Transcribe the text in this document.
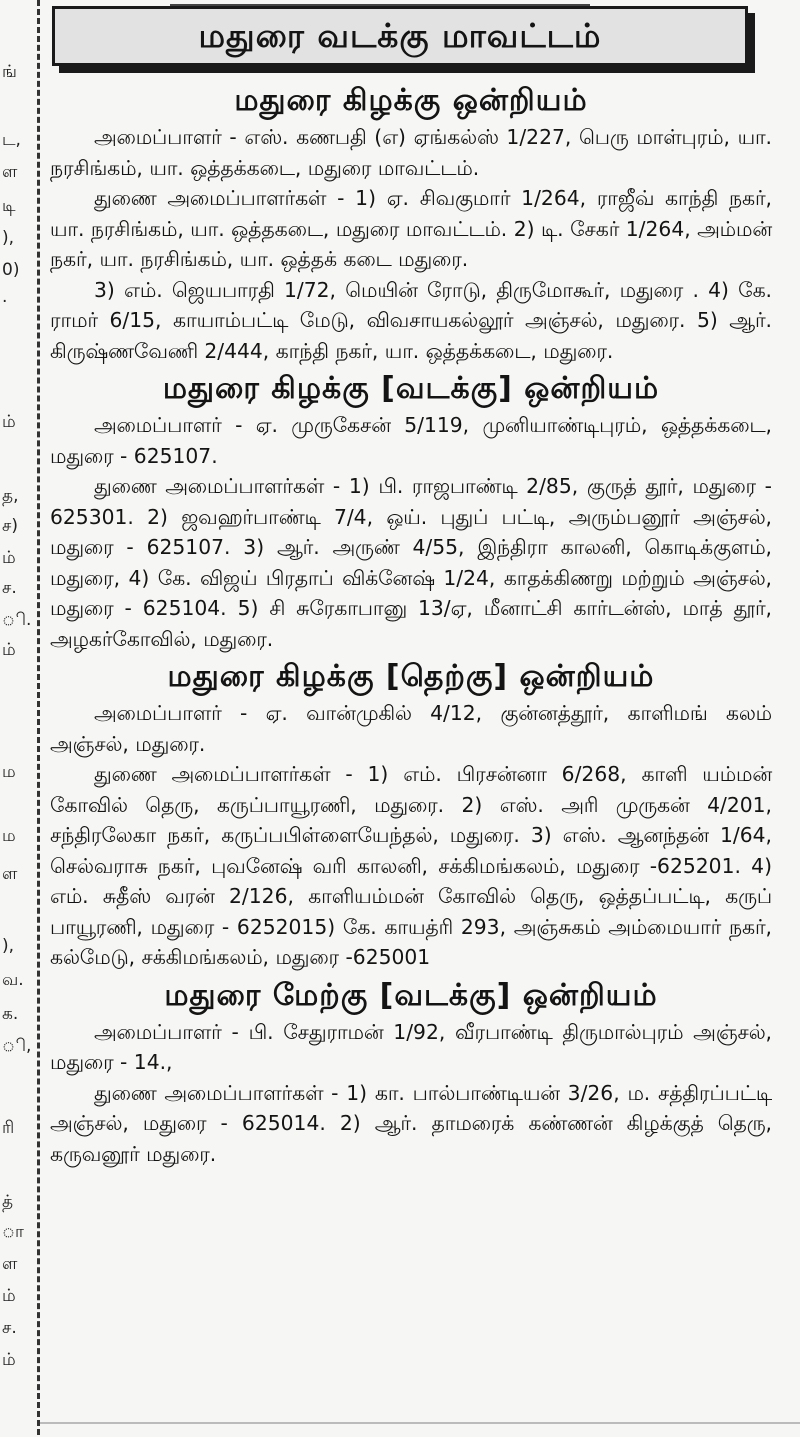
ங்
ட,
ள
டி
),
0)
·
ம்
த,
ச)
ம்
ச.
ி.
ம்
ம
ம
ள
),
வ.
க.
ி,
ரி
த்
ா
ள
ம்
ச.
ம்
மதுரை வடக்கு மாவட்டம்
மதுரை கிழக்கு ஒன்றியம்

அமைப்பாளர் - எஸ். கணபதி (எ) ஏங்கல்ஸ் 1/227, பெரு மாள்புரம், யா. நரசிங்கம், யா. ஒத்தக்கடை, மதுரை மாவட்டம்.

துணை அமைப்பாளர்கள் - 1) ஏ. சிவகுமார் 1/264, ராஜீவ் காந்தி நகர், யா. நரசிங்கம், யா. ஒத்தகடை, மதுரை மாவட்டம். 2) டி. சேகர் 1/264, அம்மன் நகர், யா. நரசிங்கம், யா. ஒத்தக் கடை மதுரை.

3) எம். ஜெயபாரதி 1/72, மெயின் ரோடு, திருமோகூர், மதுரை . 4) கே. ராமர் 6/15, காயாம்பட்டி மேடு, விவசாயகல்லூர் அஞ்சல், மதுரை. 5) ஆர். கிருஷ்ணவேணி 2/444, காந்தி நகர், யா. ஒத்தக்கடை, மதுரை.

மதுரை கிழக்கு [வடக்கு] ஒன்றியம்

அமைப்பாளர் - ஏ. முருகேசன் 5/119, முனியாண்டிபுரம், ஒத்தக்கடை, மதுரை - 625107.

துணை அமைப்பாளர்கள் - 1) பி. ராஜபாண்டி 2/85, குருத் தூர், மதுரை - 625301. 2) ஜவஹர்பாண்டி 7/4, ஒய். புதுப் பட்டி, அரும்பனூர் அஞ்சல், மதுரை - 625107. 3) ஆர். அருண் 4/55, இந்திரா காலனி, கொடிக்குளம், மதுரை, 4) கே. விஜய் பிரதாப் விக்னேஷ் 1/24, காதக்கிணறு மற்றும் அஞ்சல், மதுரை - 625104. 5) சி சுரேகாபானு 13/ஏ, மீனாட்சி கார்டன்ஸ், மாத் தூர், அழகர்கோவில், மதுரை.

மதுரை கிழக்கு [தெற்கு] ஒன்றியம்

அமைப்பாளர் - ஏ. வான்முகில் 4/12, குன்னத்தூர், காளிமங் கலம் அஞ்சல், மதுரை.

துணை அமைப்பாளர்கள் - 1) எம். பிரசன்னா 6/268, காளி யம்மன் கோவில் தெரு, கருப்பாயூரணி, மதுரை. 2) எஸ். அரி முருகன் 4/201, சந்திரலேகா நகர், கருப்பபிள்ளையேந்தல், மதுரை. 3) எஸ். ஆனந்தன் 1/64, செல்வராசு நகர், புவனேஷ் வரி காலனி, சக்கிமங்கலம், மதுரை -625201. 4) எம். சுதீஸ் வரன் 2/126, காளியம்மன் கோவில் தெரு, ஒத்தப்பட்டி, கருப் பாயூரணி, மதுரை - 6252015) கே. காயத்ரி 293, அஞ்சுகம் அம்மையார் நகர், கல்மேடு, சக்கிமங்கலம், மதுரை -625001

மதுரை மேற்கு [வடக்கு] ஒன்றியம்

அமைப்பாளர் - பி. சேதுராமன் 1/92, வீரபாண்டி திருமால்புரம் அஞ்சல், மதுரை - 14.,

துணை அமைப்பாளர்கள் - 1) கா. பால்பாண்டியன் 3/26, ம. சத்திரப்பட்டி அஞ்சல், மதுரை - 625014. 2) ஆர். தாமரைக் கண்ணன் கிழக்குத் தெரு, கருவனூர் மதுரை.
